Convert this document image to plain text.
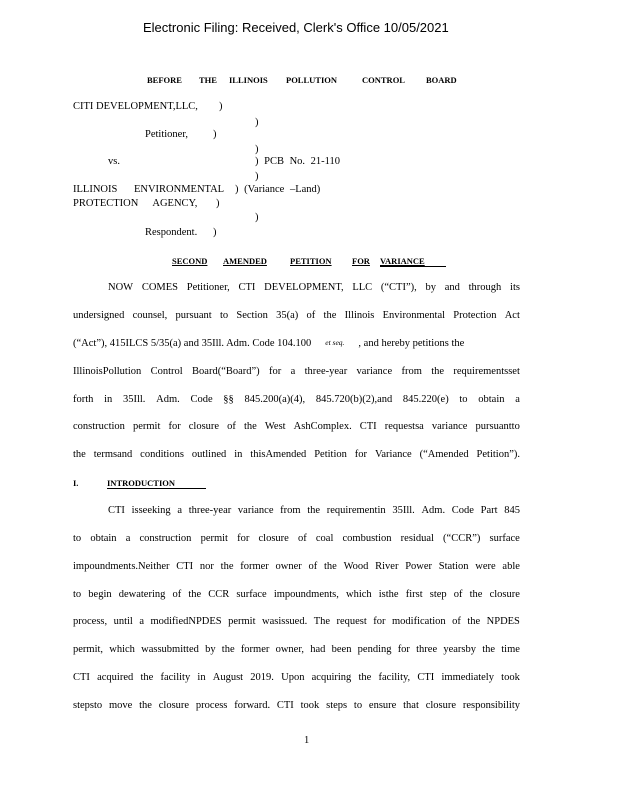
Electronic Filing: Received, Clerk's Office 10/05/2021
BEFORE THE ILLINOIS POLLUTION	CONTROL BOARD
CITI DEVELOPMENT,LLC, )
)
Petitioner, )
)
vs.	) PCB No. 21-110
)
ILLINOIS ENVIRONMENTAL ) (Variance –Land)
PROTECTION AGENCY, )
)
Respondent. )
SECOND AMENDED	PETITION FOR VARIANCE
NOW COMES Petitioner, CTI DEVELOPMENT, LLC (“CTI”), by and through its
undersigned counsel, pursuant to Section 35(a) of the Illinois Environmental Protection Act
(“Act”), 415ILCS 5/35(a) and 35Ill. Adm. Code 104.100 et seq. , and hereby petitions the
IllinoisPollution Control Board(“Board”) for a three-year variance from the requirementsset
forth in 35Ill. Adm. Code §§ 845.200(a)(4), 845.720(b)(2),and 845.220(e) to obtain a
construction permit for closure of the West AshComplex. CTI requestsa variance pursuantto
the termsand conditions outlined in thisAmended Petition for Variance (“Amended Petition”).
I.	INTRODUCTION
CTI isseeking a three-year variance from the requirementin 35Ill. Adm. Code Part 845
to obtain a construction permit for closure of coal combustion residual (“CCR”) surface
impoundments.Neither CTI nor the former owner of the Wood River Power Station were able
to begin dewatering of the CCR surface impoundments, which isthe first step of the closure
process, until a modifiedNPDES permit wasissued. The request for modification of the NPDES
permit, which wassubmitted by the former owner, had been pending for three yearsby the time
CTI acquired the facility in August 2019. Upon acquiring the facility, CTI immediately took
stepsto move the closure process forward. CTI took steps to ensure that closure responsibility
1
